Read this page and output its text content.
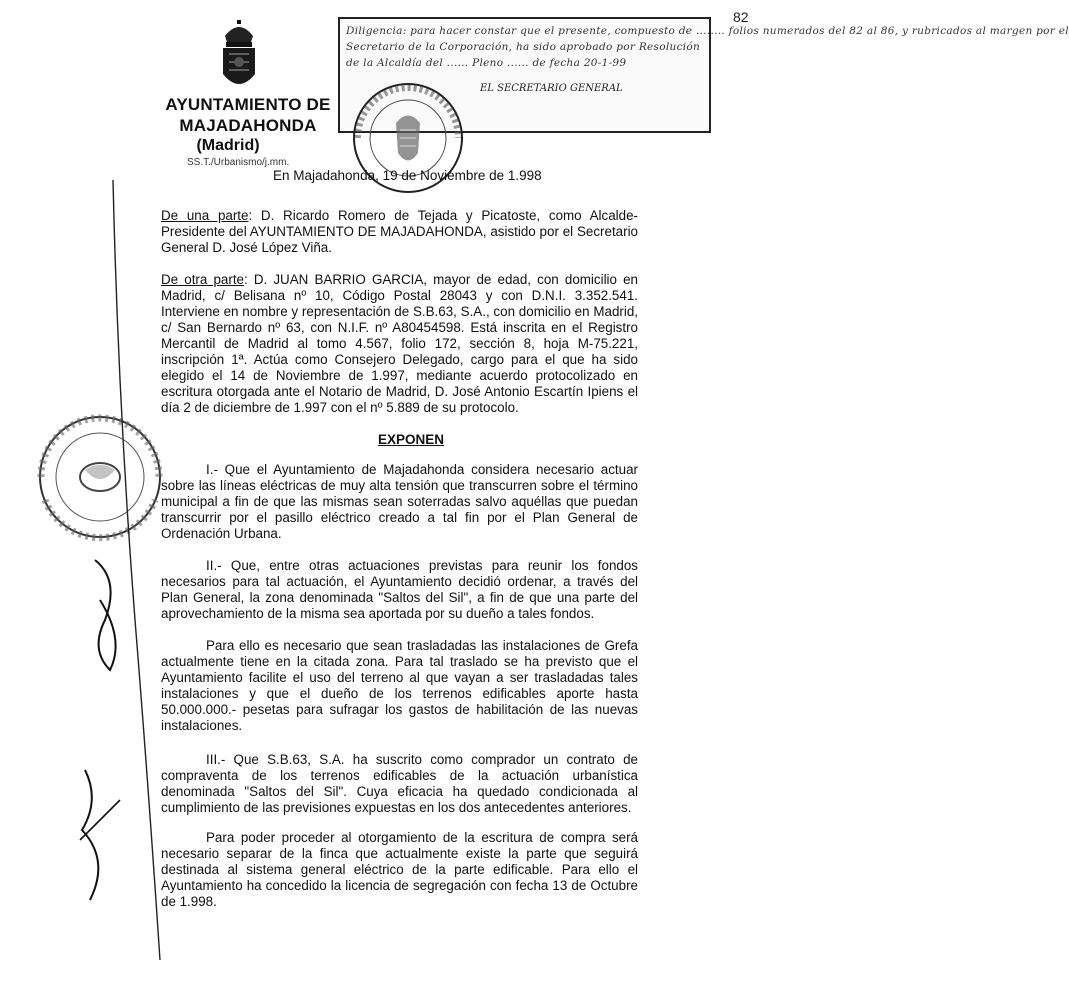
82
AYUNTAMIENTO DE
MAJADAHONDA
(Madrid)
SS.T./Urbanismo/j.mm.
Diligencia: para hacer constar que el presente, compuesto de ........ folios numerados del 82 al 86, y rubricados al margen por el
Secretario de la Corporación, ha sido aprobado por Resolución
de la Alcaldía del ...... Pleno ...... de fecha 20-1-99
EL SECRETARIO GENERAL
En Majadahonda, 19 de Noviembre de 1.998

De una parte: D. Ricardo Romero de Tejada y Picatoste, como Alcalde-Presidente del AYUNTAMIENTO DE MAJADAHONDA, asistido por el Secretario General D. José López Viña.

De otra parte: D. JUAN BARRIO GARCIA, mayor de edad, con domicilio en Madrid, c/ Belisana nº 10, Código Postal 28043 y con D.N.I. 3.352.541. Interviene en nombre y representación de S.B.63, S.A., con domicilio en Madrid, c/ San Bernardo nº 63, con N.I.F. nº A80454598. Está inscrita en el Registro Mercantil de Madrid al tomo 4.567, folio 172, sección 8, hoja M-75.221, inscripción 1ª. Actúa como Consejero Delegado, cargo para el que ha sido elegido el 14 de Noviembre de 1.997, mediante acuerdo protocolizado en escritura otorgada ante el Notario de Madrid, D. José Antonio Escartín Ipiens el día 2 de diciembre de 1.997 con el nº 5.889 de su protocolo.

EXPONEN

I.- Que el Ayuntamiento de Majadahonda considera necesario actuar sobre las líneas eléctricas de muy alta tensión que transcurren sobre el término municipal a fin de que las mismas sean soterradas salvo aquéllas que puedan transcurrir por el pasillo eléctrico creado a tal fin por el Plan General de Ordenación Urbana.

II.- Que, entre otras actuaciones previstas para reunir los fondos necesarios para tal actuación, el Ayuntamiento decidió ordenar, a través del Plan General, la zona denominada "Saltos del Sil", a fin de que una parte del aprovechamiento de la misma sea aportada por su dueño a tales fondos.

Para ello es necesario que sean trasladadas las instalaciones de Grefa actualmente tiene en la citada zona. Para tal traslado se ha previsto que el Ayuntamiento facilite el uso del terreno al que vayan a ser trasladadas tales instalaciones y que el dueño de los terrenos edificables aporte hasta 50.000.000.- pesetas para sufragar los gastos de habilitación de las nuevas instalaciones.

III.- Que S.B.63, S.A. ha suscrito como comprador un contrato de compraventa de los terrenos edificables de la actuación urbanística denominada "Saltos del Sil". Cuya eficacia ha quedado condicionada al cumplimiento de las previsiones expuestas en los dos antecedentes anteriores.

Para poder proceder al otorgamiento de la escritura de compra será necesario separar de la finca que actualmente existe la parte que seguirá destinada al sistema general eléctrico de la parte edificable. Para ello el Ayuntamiento ha concedido la licencia de segregación con fecha 13 de Octubre de 1.998.
